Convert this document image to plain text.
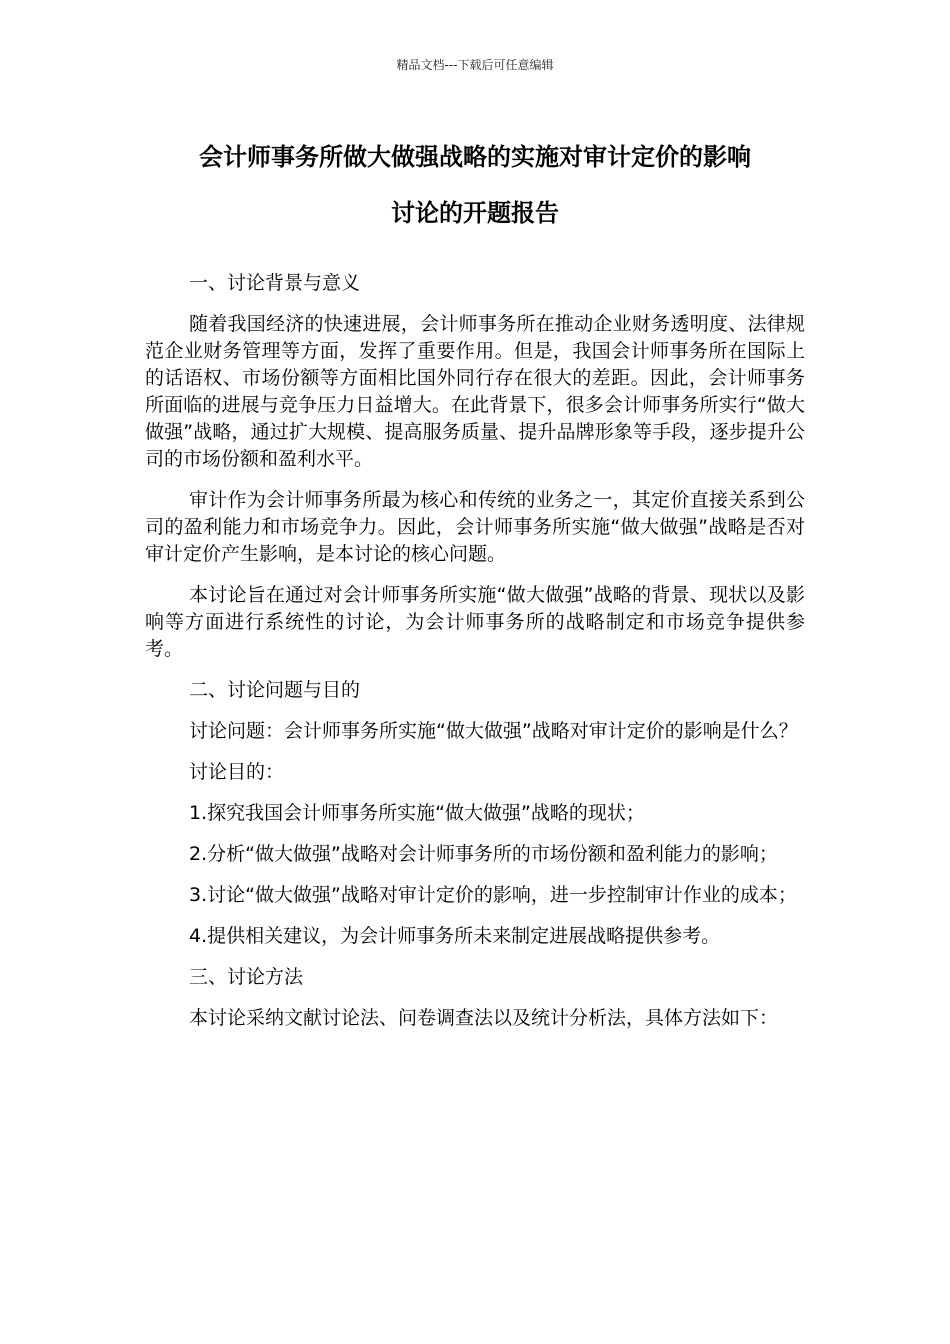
精品文档---下载后可任意编辑
会计师事务所做大做强战略的实施对审计定价的影响
讨论的开题报告

一、讨论背景与意义

随着我国经济的快速进展，会计师事务所在推动企业财务透明度、法律规范企业财务管理等方面，发挥了重要作用。但是，我国会计师事务所在国际上的话语权、市场份额等方面相比国外同行存在很大的差距。因此，会计师事务所面临的进展与竞争压力日益增大。在此背景下，很多会计师事务所实行“做大做强”战略，通过扩大规模、提高服务质量、提升品牌形象等手段，逐步提升公司的市场份额和盈利水平。

审计作为会计师事务所最为核心和传统的业务之一，其定价直接关系到公司的盈利能力和市场竞争力。因此，会计师事务所实施“做大做强”战略是否对审计定价产生影响，是本讨论的核心问题。

本讨论旨在通过对会计师事务所实施“做大做强”战略的背景、现状以及影响等方面进行系统性的讨论，为会计师事务所的战略制定和市场竞争提供参考。

二、讨论问题与目的

讨论问题：会计师事务所实施“做大做强”战略对审计定价的影响是什么？

讨论目的：

1.探究我国会计师事务所实施“做大做强”战略的现状；

2.分析“做大做强”战略对会计师事务所的市场份额和盈利能力的影响；

3.讨论“做大做强”战略对审计定价的影响，进一步控制审计作业的成本；

4.提供相关建议，为会计师事务所未来制定进展战略提供参考。

三、讨论方法

本讨论采纳文献讨论法、问卷调查法以及统计分析法，具体方法如下：
